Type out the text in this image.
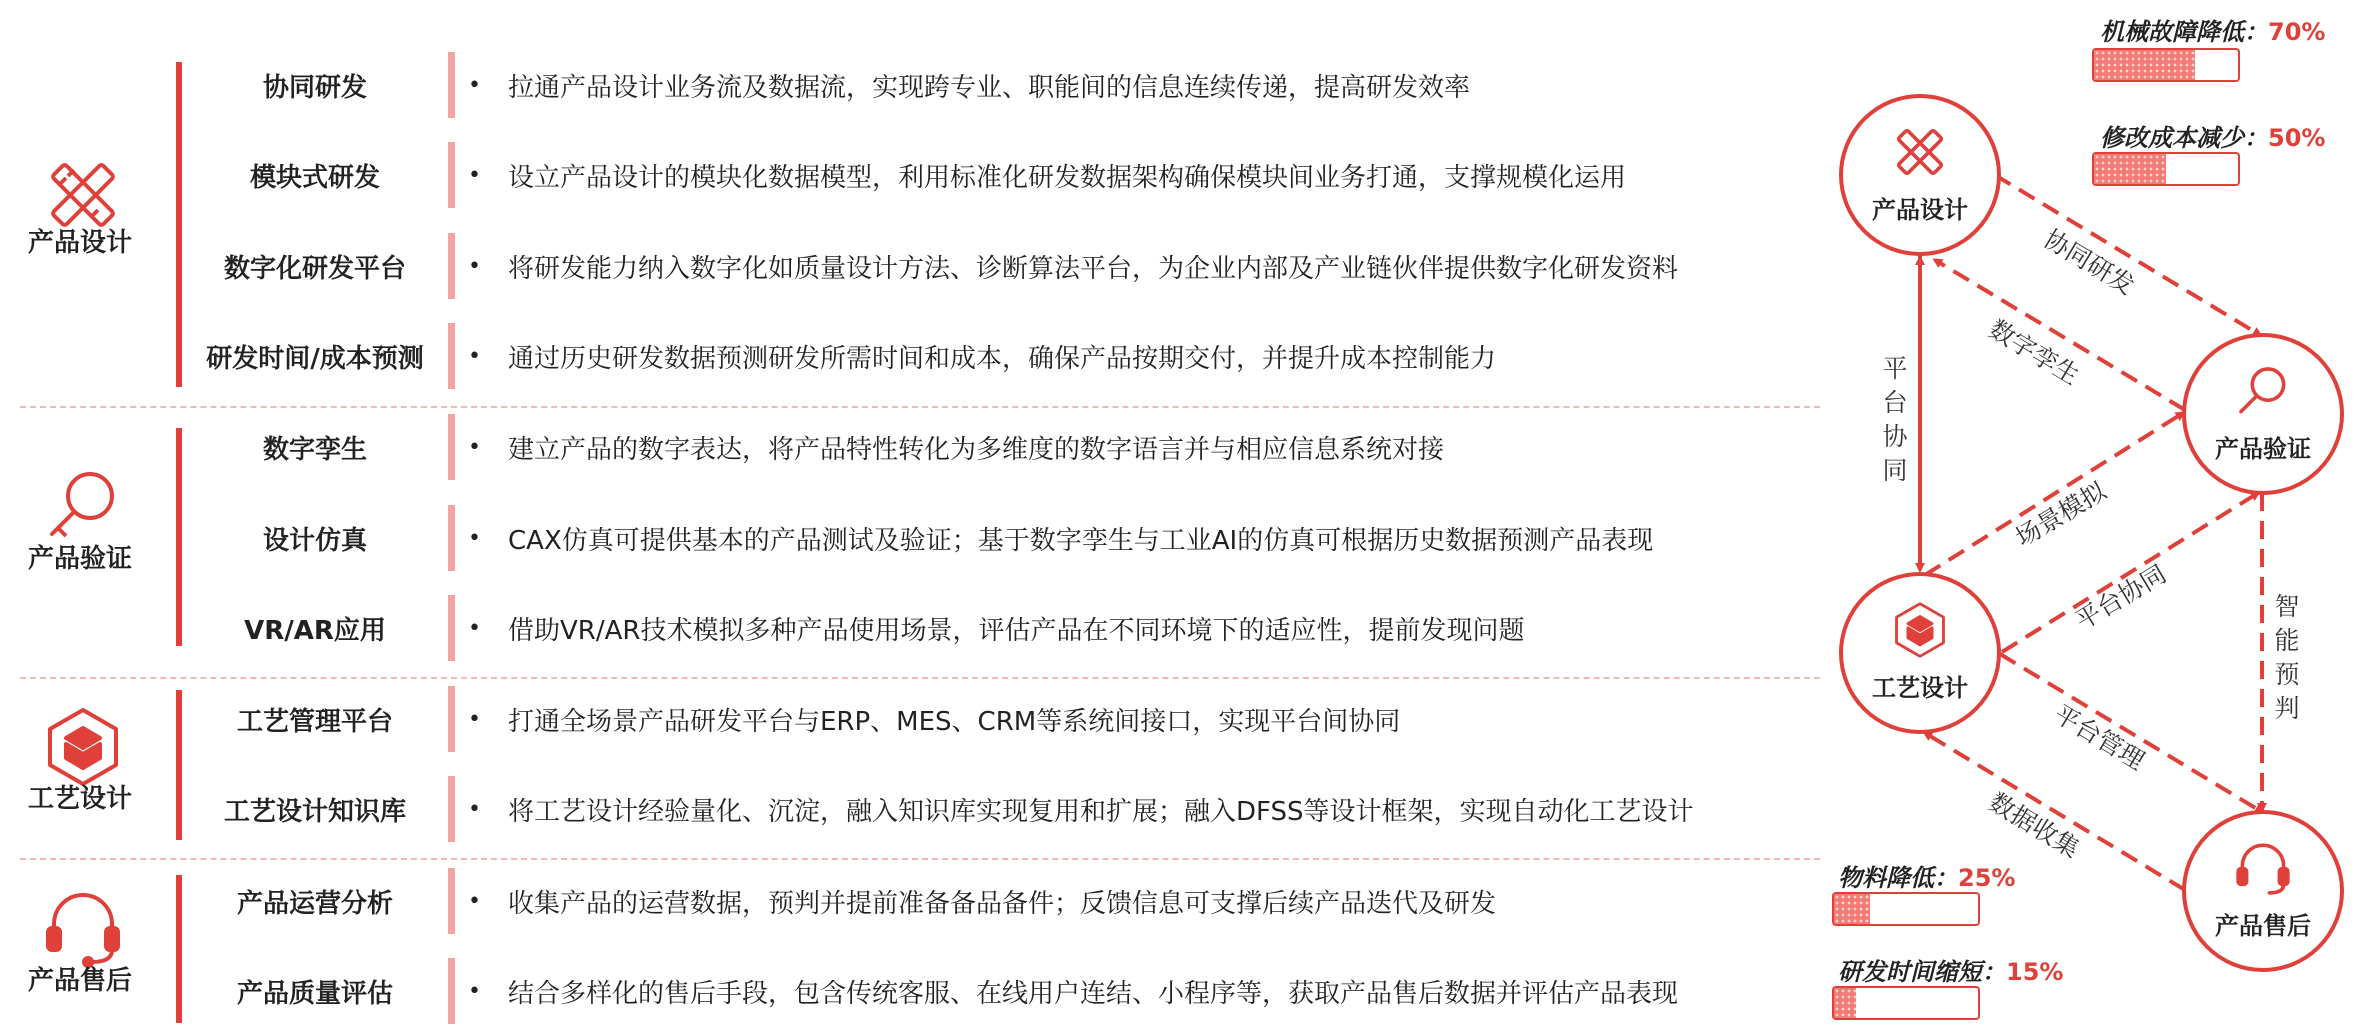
产品设计
协同研发	•	拉通产品设计业务流及数据流，实现跨专业、职能间的信息连续传递，提高研发效率
模块式研发	•	设立产品设计的模块化数据模型，利用标准化研发数据架构确保模块间业务打通，支撑规模化运用
数字化研发平台	•	将研发能力纳入数字化如质量设计方法、诊断算法平台，为企业内部及产业链伙伴提供数字化研发资料
研发时间/成本预测	•	通过历史研发数据预测研发所需时间和成本，确保产品按期交付，并提升成本控制能力
产品验证
数字孪生	•	建立产品的数字表达，将产品特性转化为多维度的数字语言并与相应信息系统对接
设计仿真	•	CAX仿真可提供基本的产品测试及验证；基于数字孪生与工业AI的仿真可根据历史数据预测产品表现
VR/AR应用	•	借助VR/AR技术模拟多种产品使用场景，评估产品在不同环境下的适应性，提前发现问题
工艺设计
工艺管理平台	•	打通全场景产品研发平台与ERP、MES、CRM等系统间接口，实现平台间协同
工艺设计知识库	•	将工艺设计经验量化、沉淀，融入知识库实现复用和扩展；融入DFSS等设计框架，实现自动化工艺设计
产品售后
产品运营分析	•	收集产品的运营数据，预判并提前准备备品备件；反馈信息可支撑后续产品迭代及研发
产品质量评估	•	结合多样化的售后手段，包含传统客服、在线用户连结、小程序等，获取产品售后数据并评估产品表现
产品设计
产品验证
工艺设计
产品售后
协同研发
数字孪生
平台协同
场景模拟
平台协同	智能预判
平台管理
数据收集
机械故障降低：70%
修改成本减少：50%
物料降低：25%
研发时间缩短：15%
